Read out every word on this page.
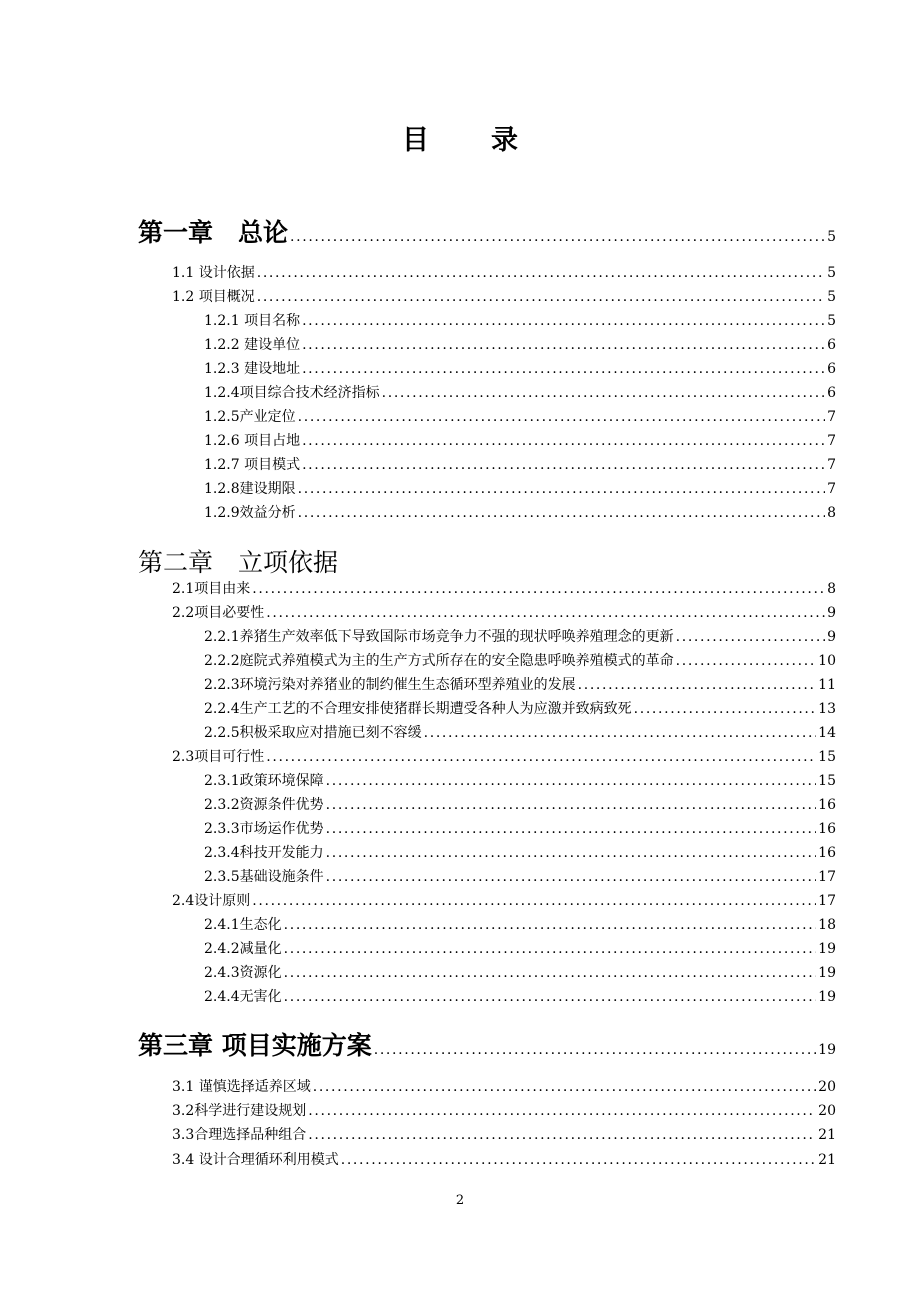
目 录
第一章　总论 . . .	5
1.1 设计依据 . . .	5
1.2 项目概况 . . .	5
1.2.1 项目名称 . . .	5
1.2.2 建设单位 . . .	6
1.2.3 建设地址 . . .	6
1.2.4项目综合技术经济指标 . . .	6
1.2.5产业定位 . . .	7
1.2.6 项目占地 . . .	7
1.2.7 项目模式 . . .	7
1.2.8建设期限 . . .	7
1.2.9效益分析 . . .	8
第二章　立项依据
2.1项目由来 . . .	8
2.2项目必要性 . . .	9
2.2.1养猪生产效率低下导致国际市场竞争力不强的现状呼唤养殖理念的更新 . . .	9
2.2.2庭院式养殖模式为主的生产方式所存在的安全隐患呼唤养殖模式的革命 . . .	10
2.2.3环境污染对养猪业的制约催生生态循环型养殖业的发展 . . .	11
2.2.4生产工艺的不合理安排使猪群长期遭受各种人为应激并致病致死 . . .	13
2.2.5积极采取应对措施已刻不容缓 . . .	14
2.3项目可行性 . . .	15
2.3.1政策环境保障 . . .	15
2.3.2资源条件优势 . . .	16
2.3.3市场运作优势 . . .	16
2.3.4科技开发能力 . . .	16
2.3.5基础设施条件 . . .	17
2.4设计原则 . . .	17
2.4.1生态化 . . .	18
2.4.2减量化 . . .	19
2.4.3资源化 . . .	19
2.4.4无害化 . . .	19
第三章 项目实施方案 . . .	19
3.1 谨慎选择适养区域 . . .	20
3.2科学进行建设规划 . . .	20
3.3合理选择品种组合 . . .	21
3.4 设计合理循环利用模式 . . .	21
2
